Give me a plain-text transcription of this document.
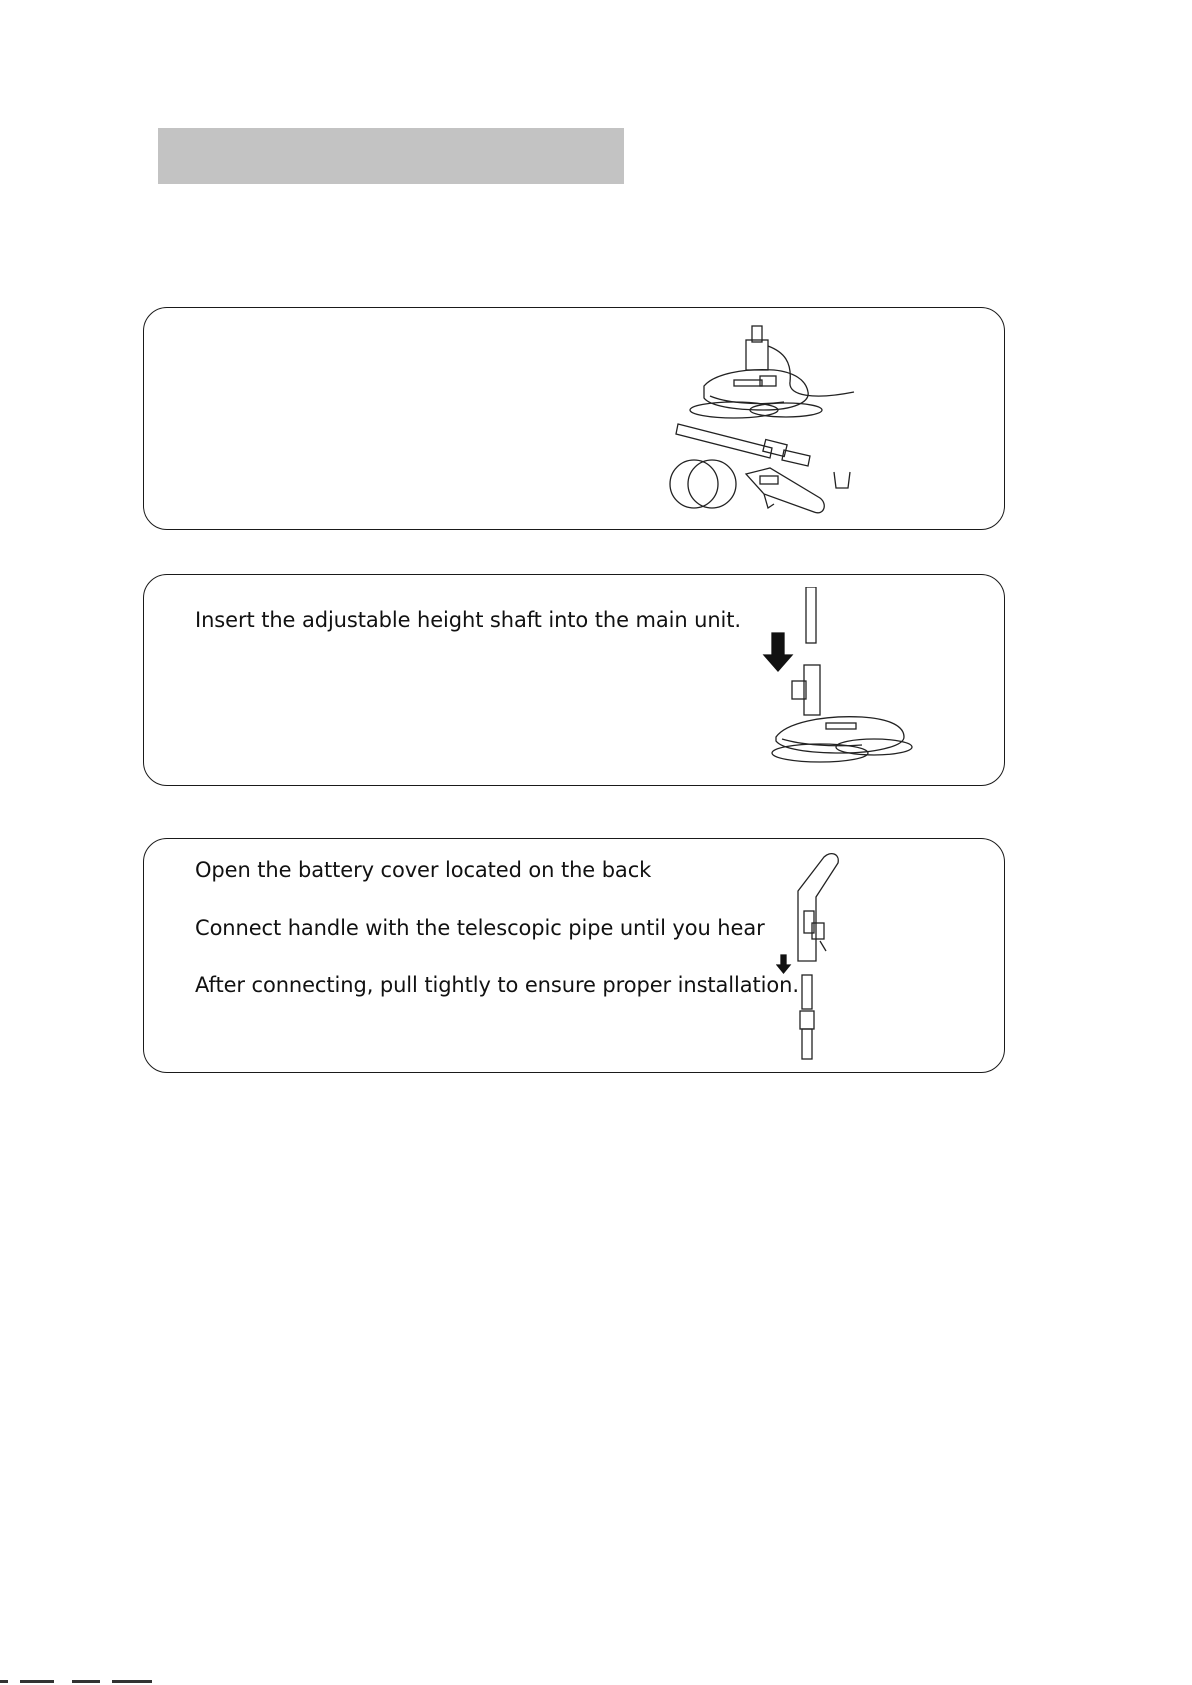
Insert the adjustable height shaft into the main unit.

Open the battery cover located on the back

Connect handle with the telescopic pipe until you hear

After connecting, pull tightly to ensure proper installation.
